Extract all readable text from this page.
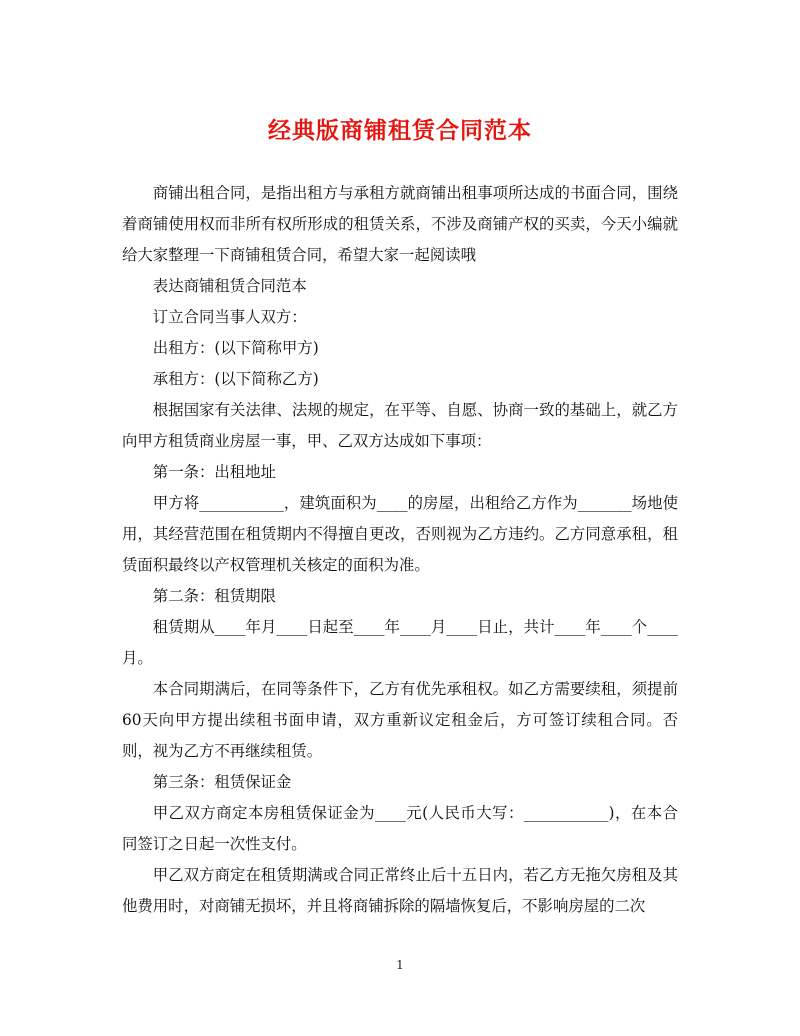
经典版商铺租赁合同范本

商铺出租合同，是指出租方与承租方就商铺出租事项所达成的书面合同，围绕着商铺使用权而非所有权所形成的租赁关系，不涉及商铺产权的买卖，今天小编就给大家整理一下商铺租赁合同，希望大家一起阅读哦

表达商铺租赁合同范本

订立合同当事人双方：

出租方：(以下简称甲方)

承租方：(以下简称乙方)

根据国家有关法律、法规的规定，在平等、自愿、协商一致的基础上，就乙方向甲方租赁商业房屋一事，甲、乙双方达成如下事项：

第一条：出租地址

甲方将___________，建筑面积为____的房屋，出租给乙方作为_______场地使用，其经营范围在租赁期内不得擅自更改，否则视为乙方违约。乙方同意承租，租赁面积最终以产权管理机关核定的面积为准。

第二条：租赁期限

租赁期从____年月____日起至____年____月____日止，共计____年____个____月。

本合同期满后，在同等条件下，乙方有优先承租权。如乙方需要续租，须提前60天向甲方提出续租书面申请，双方重新议定租金后，方可签订续租合同。否则，视为乙方不再继续租赁。

第三条：租赁保证金

甲乙双方商定本房租赁保证金为____元(人民币大写：___________)，在本合同签订之日起一次性支付。

甲乙双方商定在租赁期满或合同正常终止后十五日内，若乙方无拖欠房租及其他费用时，对商铺无损坏，并且将商铺拆除的隔墙恢复后，不影响房屋的二次

1
